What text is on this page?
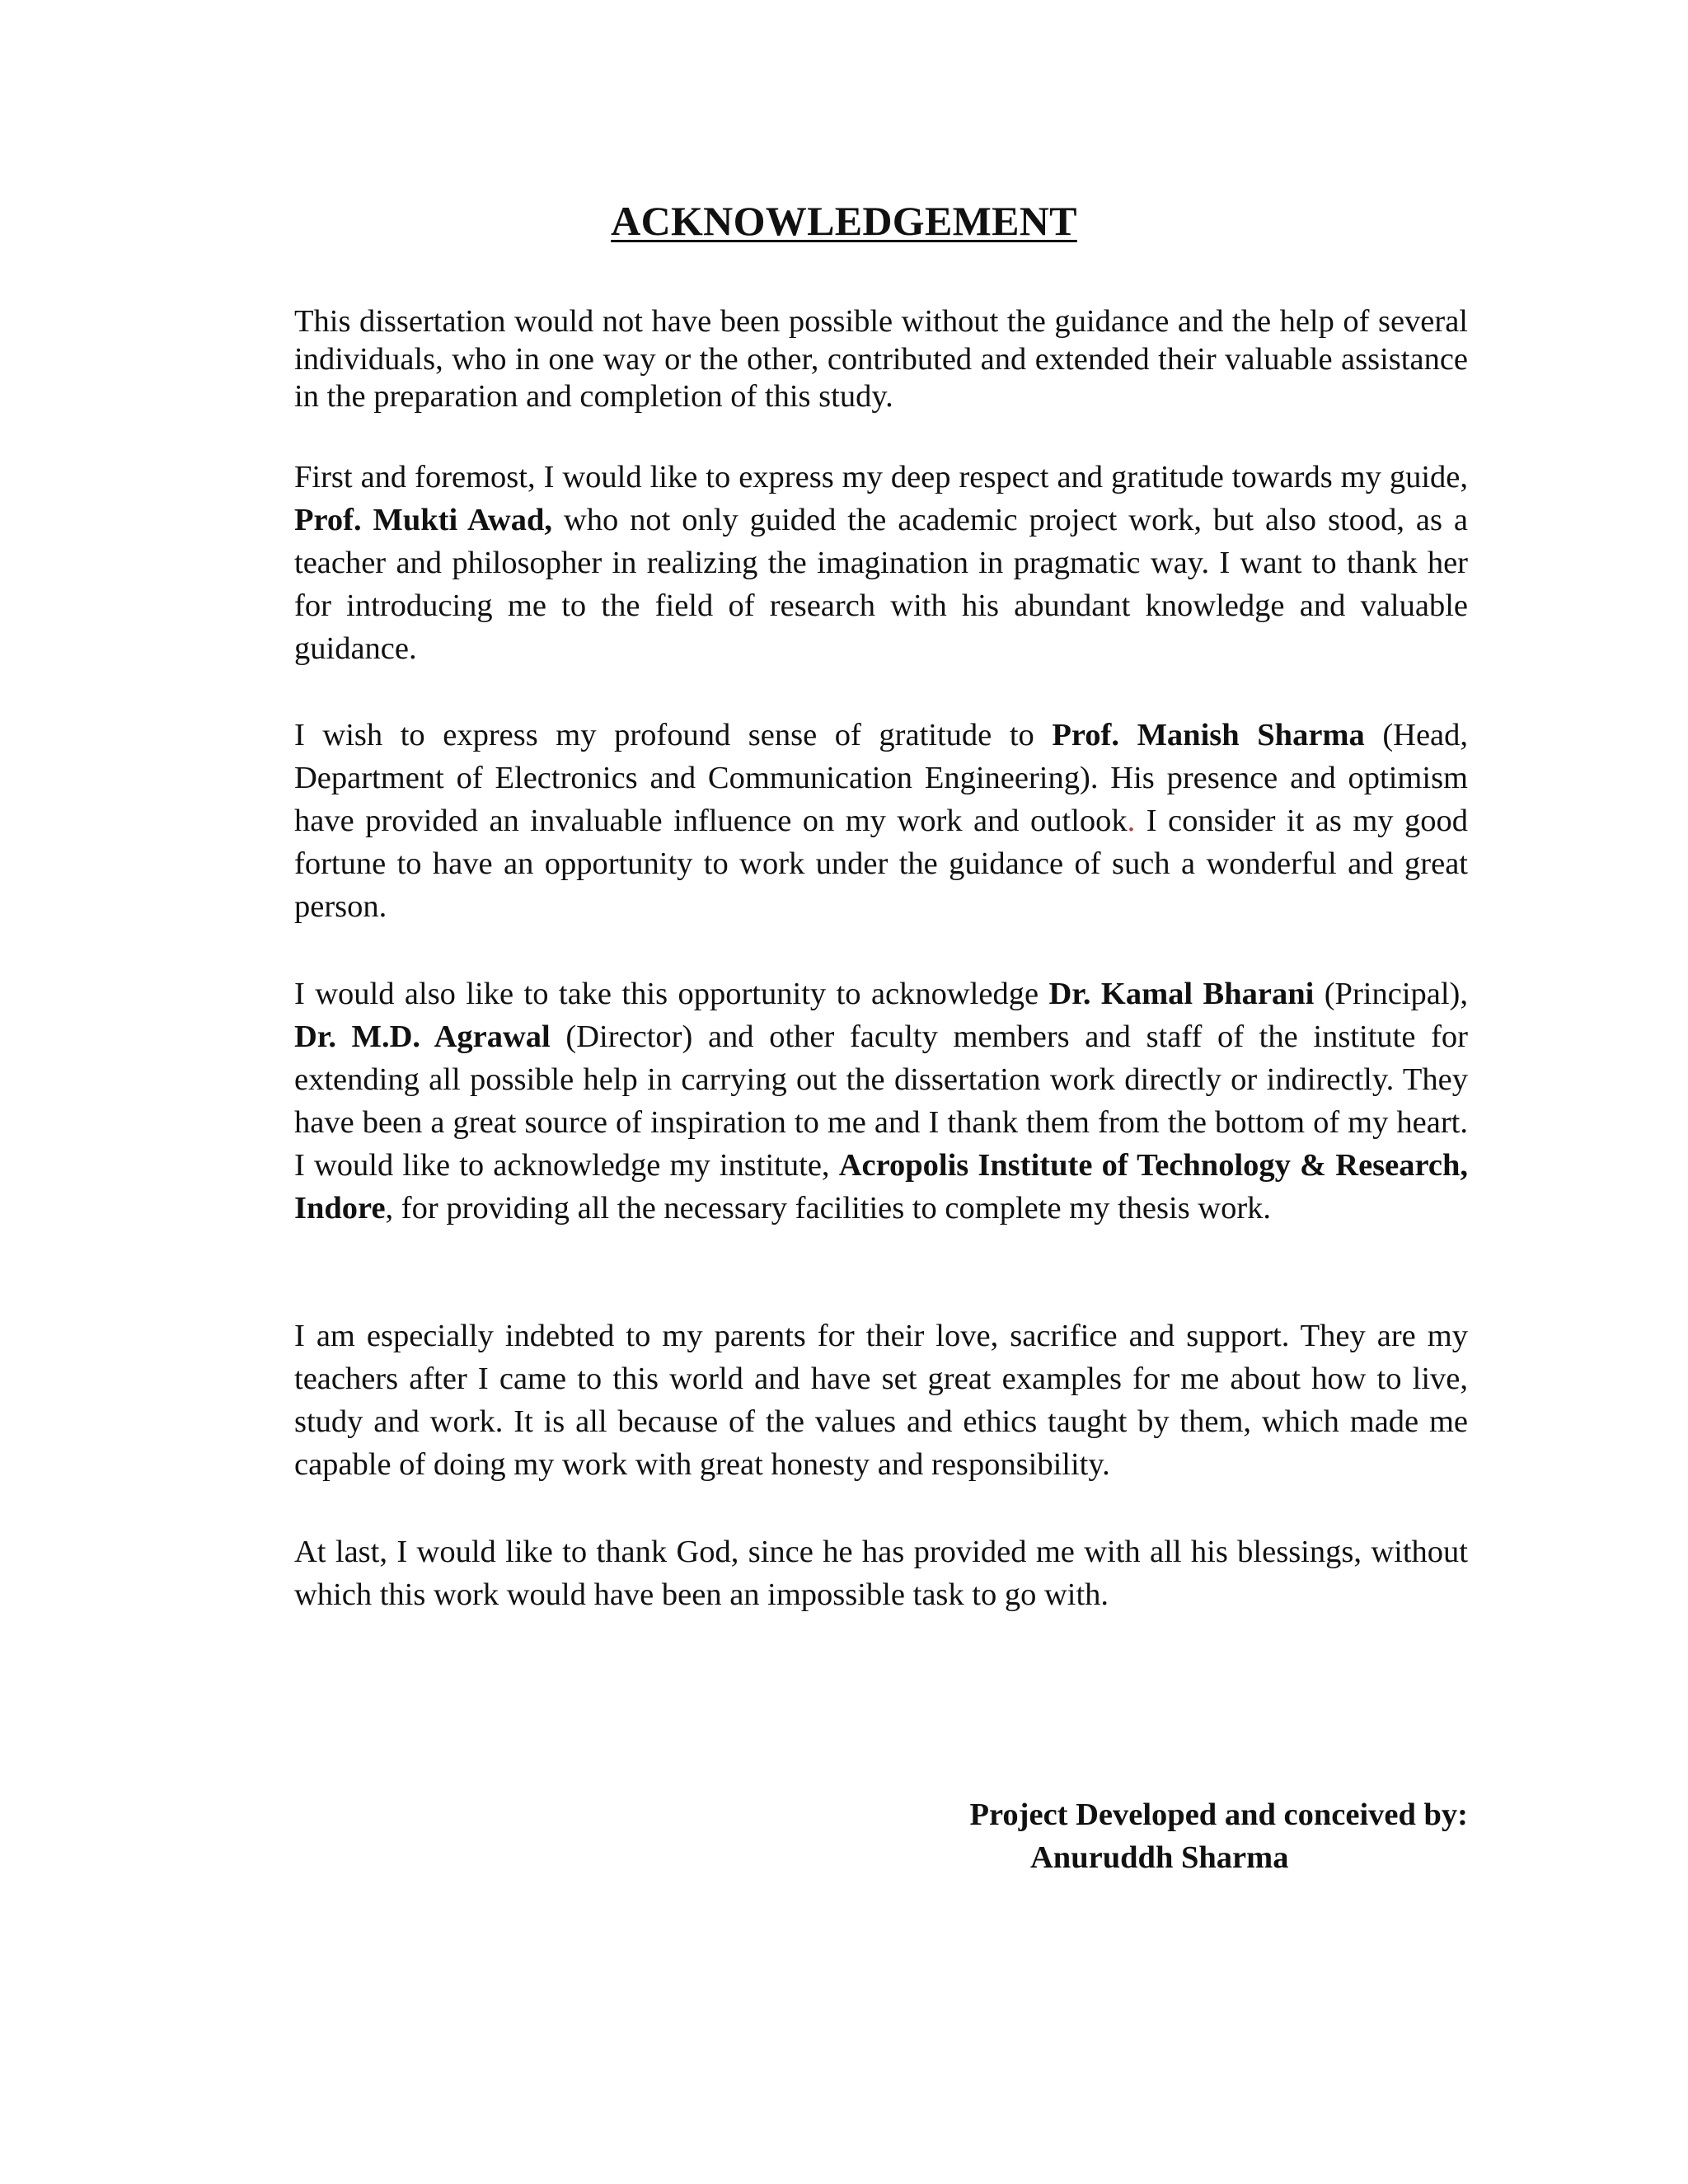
ACKNOWLEDGEMENT

This dissertation would not have been possible without the guidance and the help of several individuals, who in one way or the other, contributed and extended their valuable assistance in the preparation and completion of this study.

First and foremost, I would like to express my deep respect and gratitude towards my guide, Prof. Mukti Awad, who not only guided the academic project work, but also stood, as a teacher and philosopher in realizing the imagination in pragmatic way. I want to thank her for introducing me to the field of research with his abundant knowledge and valuable guidance.

I wish to express my profound sense of gratitude to Prof. Manish Sharma (Head, Department of Electronics and Communication Engineering). His presence and optimism have provided an invaluable influence on my work and outlook. I consider it as my good fortune to have an opportunity to work under the guidance of such a wonderful and great person.

I would also like to take this opportunity to acknowledge Dr. Kamal Bharani (Principal), Dr. M.D. Agrawal (Director) and other faculty members and staff of the institute for extending all possible help in carrying out the dissertation work directly or indirectly. They have been a great source of inspiration to me and I thank them from the bottom of my heart. I would like to acknowledge my institute, Acropolis Institute of Technology & Research, Indore, for providing all the necessary facilities to complete my thesis work.

I am especially indebted to my parents for their love, sacrifice and support. They are my teachers after I came to this world and have set great examples for me about how to live, study and work. It is all because of the values and ethics taught by them, which made me capable of doing my work with great honesty and responsibility.

At last, I would like to thank God, since he has provided me with all his blessings, without which this work would have been an impossible task to go with.

Project Developed and conceived by:

Anuruddh Sharma
